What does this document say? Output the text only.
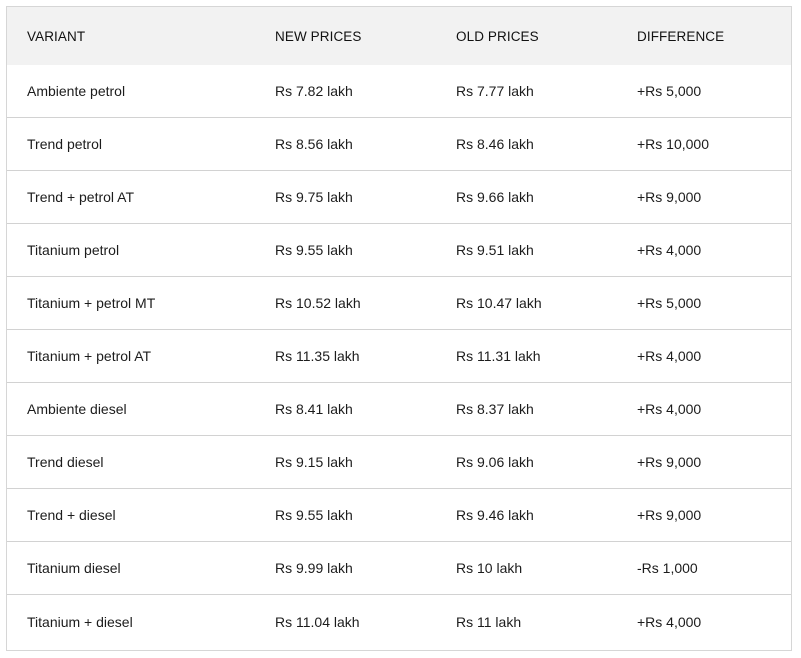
VARIANT	NEW PRICES	OLD PRICES	DIFFERENCE
Ambiente petrol	Rs 7.82 lakh	Rs 7.77 lakh	+Rs 5,000
Trend petrol	Rs 8.56 lakh	Rs 8.46 lakh	+Rs 10,000
Trend + petrol AT	Rs 9.75 lakh	Rs 9.66 lakh	+Rs 9,000
Titanium petrol	Rs 9.55 lakh	Rs 9.51 lakh	+Rs 4,000
Titanium + petrol MT	Rs 10.52 lakh	Rs 10.47 lakh	+Rs 5,000
Titanium + petrol AT	Rs 11.35 lakh	Rs 11.31 lakh	+Rs 4,000
Ambiente diesel	Rs 8.41 lakh	Rs 8.37 lakh	+Rs 4,000
Trend diesel	Rs 9.15 lakh	Rs 9.06 lakh	+Rs 9,000
Trend + diesel	Rs 9.55 lakh	Rs 9.46 lakh	+Rs 9,000
Titanium diesel	Rs 9.99 lakh	Rs 10 lakh	-Rs 1,000
Titanium + diesel	Rs 11.04 lakh	Rs 11 lakh	+Rs 4,000
